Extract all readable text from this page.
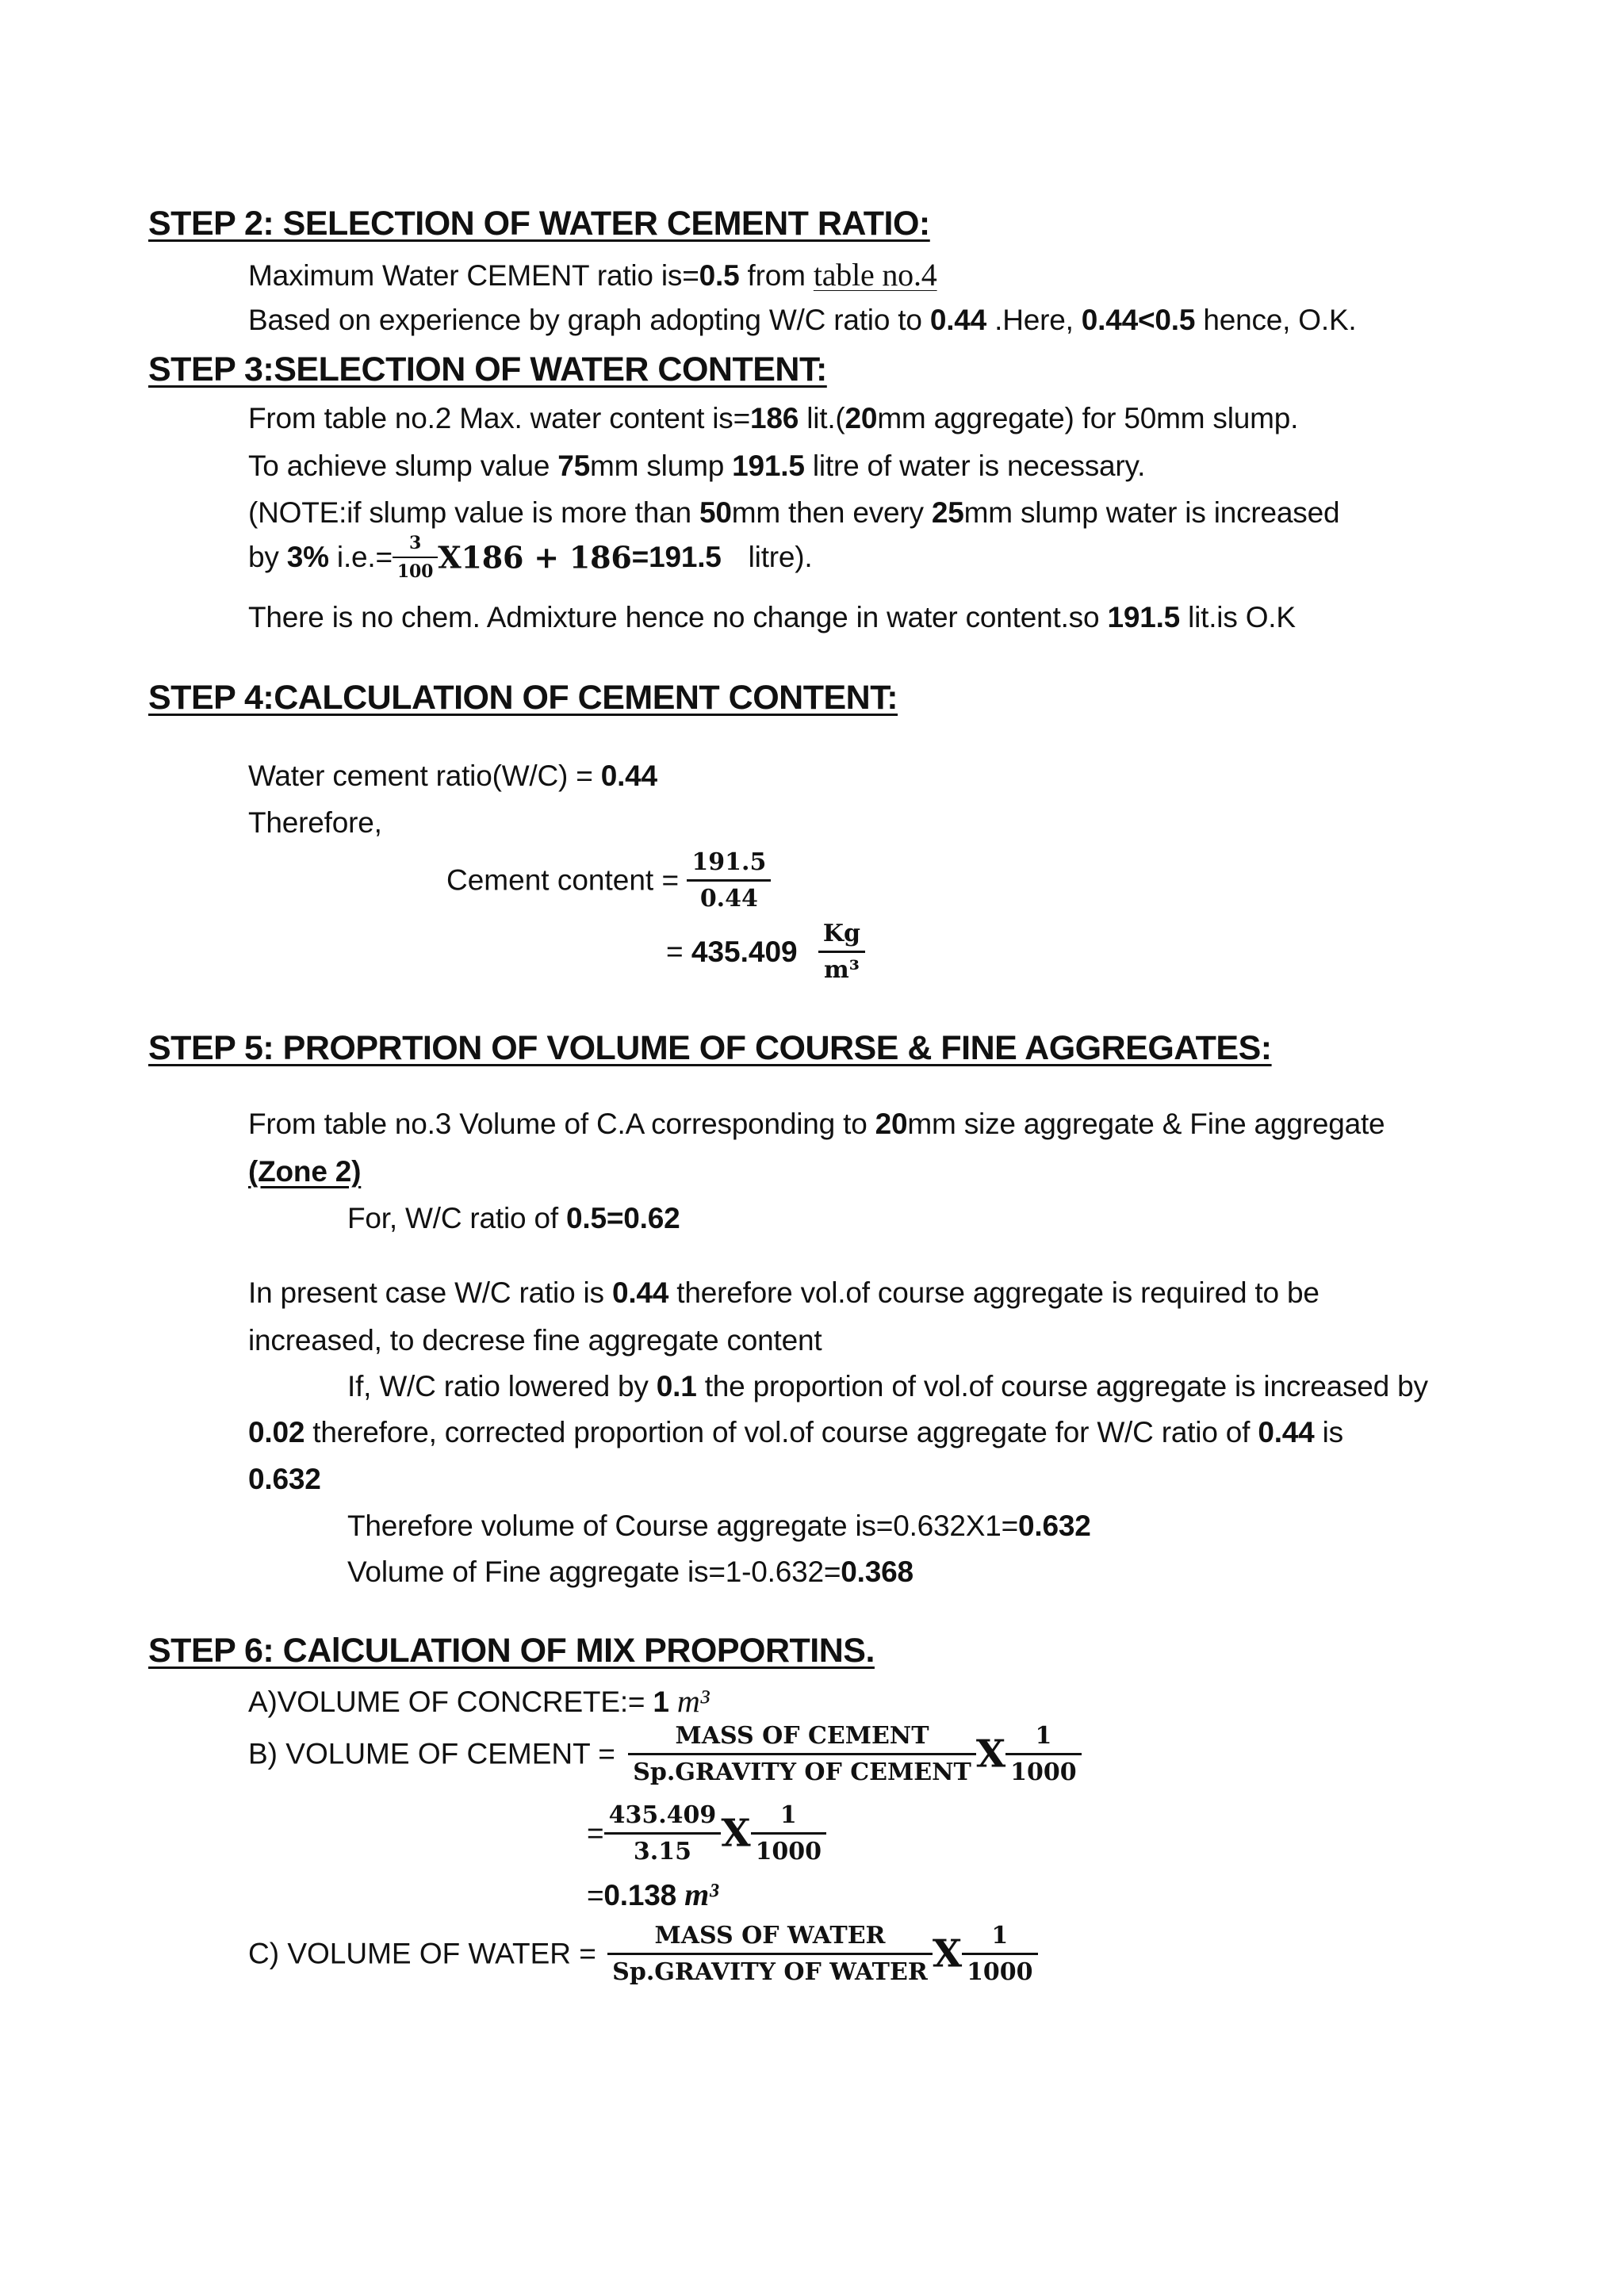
STEP 2: SELECTION OF WATER CEMENT RATIO:
Maximum Water CEMENT ratio is=0.5 from table no.4
Based on experience by graph adopting W/C ratio to 0.44 .Here, 0.44<0.5 hence, O.K.
STEP 3:SELECTION OF WATER CONTENT:
From table no.2 Max. water content is=186 lit.(20mm aggregate) for 50mm slump.
To achieve slump value 75mm slump 191.5 litre of water is necessary.
(NOTE:if slump value is more than 50mm then every 25mm slump water is increased
by 3% $i.e.= \frac{3}{100} X186 + 186=191.5$ litre).
There is no chem. Admixture hence no change in water content.so 191.5 lit.is O.K
STEP 4:CALCULATION OF CEMENT CONTENT:
Water cement ratio(W/C) = 0.44
Therefore,
Cement content = $\frac{191.5}{0.44}$
= $435.409 \frac{Kg}{\text{m³}}$
STEP 5: PROPRTION OF VOLUME OF COURSE & FINE AGGREGATES:
From table no.3 Volume of C.A corresponding to 20mm size aggregate & Fine aggregate
(Zone 2)
For, W/C ratio of 0.5=0.62
In present case W/C ratio is 0.44 therefore vol.of course aggregate is required to be
increased, to decrese fine aggregate content
If, W/C ratio lowered by 0.1 the proportion of vol.of course aggregate is increased by
0.02 therefore, corrected proportion of vol.of course aggregate for W/C ratio of 0.44 is
0.632
Therefore volume of Course aggregate is=0.632X1=0.632
Volume of Fine aggregate is=1-0.632=0.368
STEP 6: CAlCULATION OF MIX PROPORTINS.
A)VOLUME OF CONCRETE:= 1 m³
B) VOLUME OF CEMENT = $\frac{\text{MASS OF CEMENT}}{\text{Sp.GRAVITY OF CEMENT}}$ X $\frac{1}{1000}$
= $\frac{435.409}{3.15}$ X $\frac{1}{1000}$
=0.138 m³
C) VOLUME OF WATER = $\frac{\text{MASS OF WATER}}{\text{Sp.GRAVITY OF WATER}}$ X $\frac{1}{1000}$
